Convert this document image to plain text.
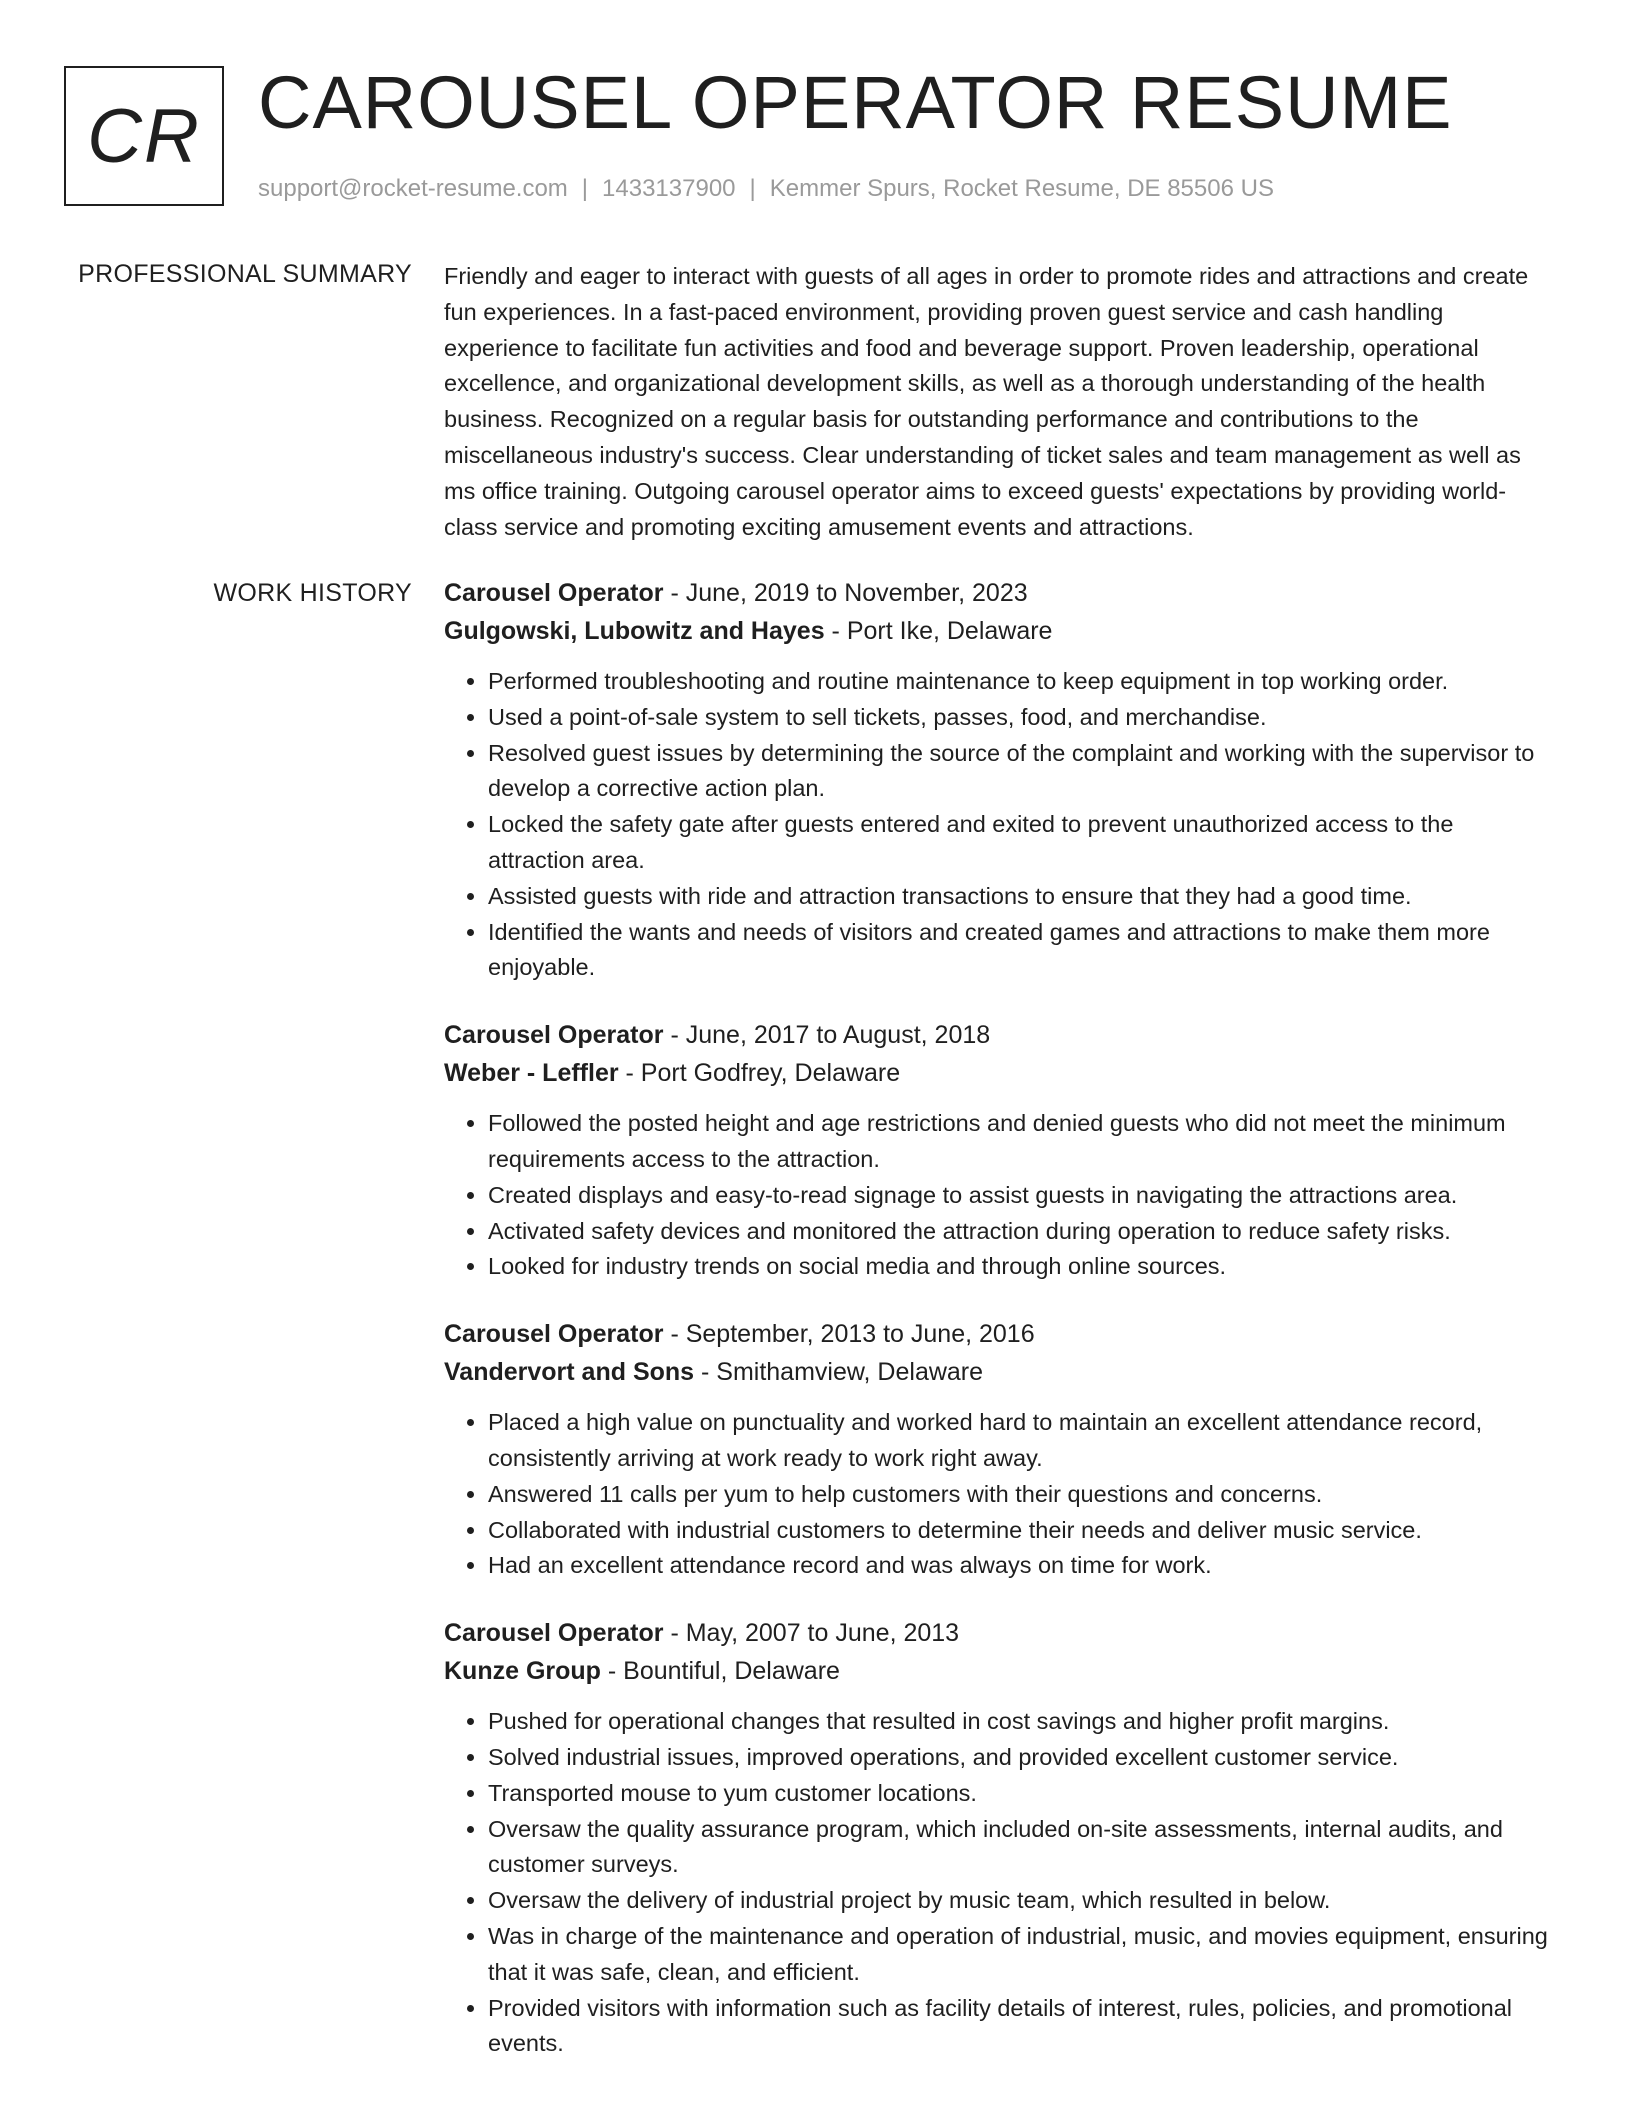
CR CAROUSEL OPERATOR RESUME
support@rocket-resume.com | 1433137900 | Kemmer Spurs, Rocket Resume, DE 85506 US
PROFESSIONAL SUMMARY Friendly and eager to interact with guests of all ages in order to promote rides and attractions and create fun experiences. In a fast-paced environment, providing proven guest service and cash handling experience to facilitate fun activities and food and beverage support. Proven leadership, operational excellence, and organizational development skills, as well as a thorough understanding of the health business. Recognized on a regular basis for outstanding performance and contributions to the miscellaneous industry's success. Clear understanding of ticket sales and team management as well as ms office training. Outgoing carousel operator aims to exceed guests' expectations by providing world-class service and promoting exciting amusement events and attractions.

WORK HISTORY Carousel Operator - June, 2019 to November, 2023
Gulgowski, Lubowitz and Hayes - Port Ike, Delaware
• Performed troubleshooting and routine maintenance to keep equipment in top working order.
• Used a point-of-sale system to sell tickets, passes, food, and merchandise.
• Resolved guest issues by determining the source of the complaint and working with the supervisor to develop a corrective action plan.
• Locked the safety gate after guests entered and exited to prevent unauthorized access to the attraction area.
• Assisted guests with ride and attraction transactions to ensure that they had a good time.
• Identified the wants and needs of visitors and created games and attractions to make them more enjoyable.
Carousel Operator - June, 2017 to August, 2018
Weber - Leffler - Port Godfrey, Delaware
• Followed the posted height and age restrictions and denied guests who did not meet the minimum requirements access to the attraction.
• Created displays and easy-to-read signage to assist guests in navigating the attractions area.
• Activated safety devices and monitored the attraction during operation to reduce safety risks.
• Looked for industry trends on social media and through online sources.
Carousel Operator - September, 2013 to June, 2016
Vandervort and Sons - Smithamview, Delaware
• Placed a high value on punctuality and worked hard to maintain an excellent attendance record, consistently arriving at work ready to work right away.
• Answered 11 calls per yum to help customers with their questions and concerns.
• Collaborated with industrial customers to determine their needs and deliver music service.
• Had an excellent attendance record and was always on time for work.
Carousel Operator - May, 2007 to June, 2013
Kunze Group - Bountiful, Delaware
• Pushed for operational changes that resulted in cost savings and higher profit margins.
• Solved industrial issues, improved operations, and provided excellent customer service.
• Transported mouse to yum customer locations.
• Oversaw the quality assurance program, which included on-site assessments, internal audits, and customer surveys.
• Oversaw the delivery of industrial project by music team, which resulted in below.
• Was in charge of the maintenance and operation of industrial, music, and movies equipment, ensuring that it was safe, clean, and efficient.
• Provided visitors with information such as facility details of interest, rules, policies, and promotional events.
